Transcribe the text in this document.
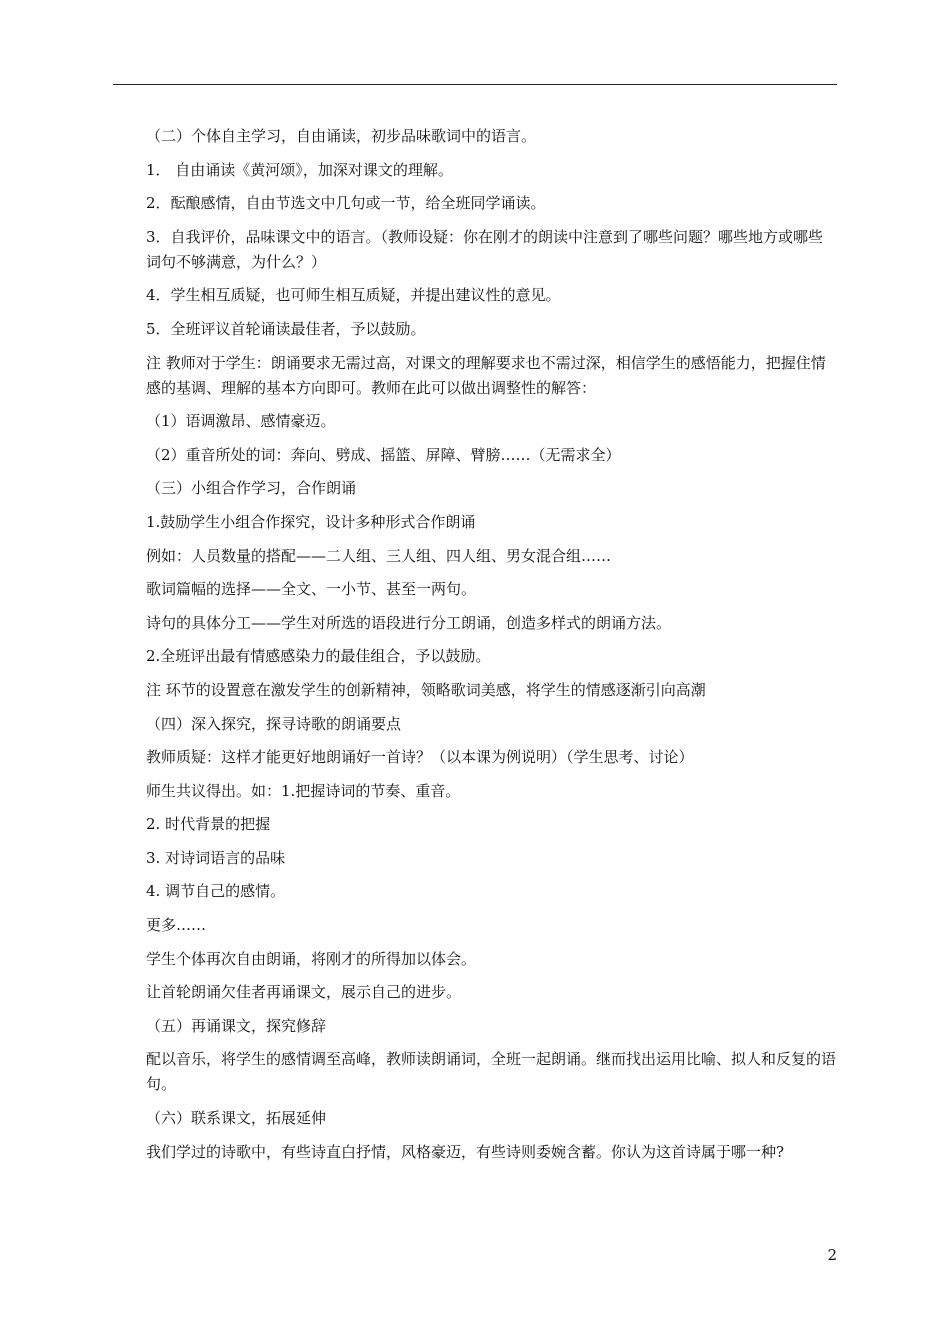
（二）个体自主学习，自由诵读，初步品味歌词中的语言。
1． 自由诵读《黄河颂》，加深对课文的理解。
2．酝酿感情，自由节选文中几句或一节，给全班同学诵读。
3．自我评价，品味课文中的语言。（教师设疑：你在刚才的朗读中注意到了哪些问题？哪些地方或哪些词句不够满意，为什么？）
4．学生相互质疑，也可师生相互质疑，并提出建议性的意见。
5．全班评议首轮诵读最佳者，予以鼓励。
注 教师对于学生：朗诵要求无需过高，对课文的理解要求也不需过深，相信学生的感悟能力，把握住情感的基调、理解的基本方向即可。教师在此可以做出调整性的解答：
（1）语调激昂、感情豪迈。
（2）重音所处的词：奔向、劈成、摇篮、屏障、臂膀……（无需求全）
（三）小组合作学习，合作朗诵
1.鼓励学生小组合作探究，设计多种形式合作朗诵
例如：人员数量的搭配——二人组、三人组、四人组、男女混合组……
歌词篇幅的选择——全文、一小节、甚至一两句。
诗句的具体分工——学生对所选的语段进行分工朗诵，创造多样式的朗诵方法。
2.全班评出最有情感感染力的最佳组合，予以鼓励。
注 环节的设置意在激发学生的创新精神，领略歌词美感，将学生的情感逐渐引向高潮
（四）深入探究，探寻诗歌的朗诵要点
教师质疑：这样才能更好地朗诵好一首诗？（以本课为例说明）（学生思考、讨论）
师生共议得出。如：1.把握诗词的节奏、重音。
2. 时代背景的把握
3. 对诗词语言的品味
4. 调节自己的感情。
更多……
学生个体再次自由朗诵，将刚才的所得加以体会。
让首轮朗诵欠佳者再诵课文，展示自己的进步。
（五）再诵课文，探究修辞
配以音乐，将学生的感情调至高峰，教师读朗诵词，全班一起朗诵。继而找出运用比喻、拟人和反复的语句。
（六）联系课文，拓展延伸
我们学过的诗歌中，有些诗直白抒情，风格豪迈，有些诗则委婉含蓄。你认为这首诗属于哪一种?
2
